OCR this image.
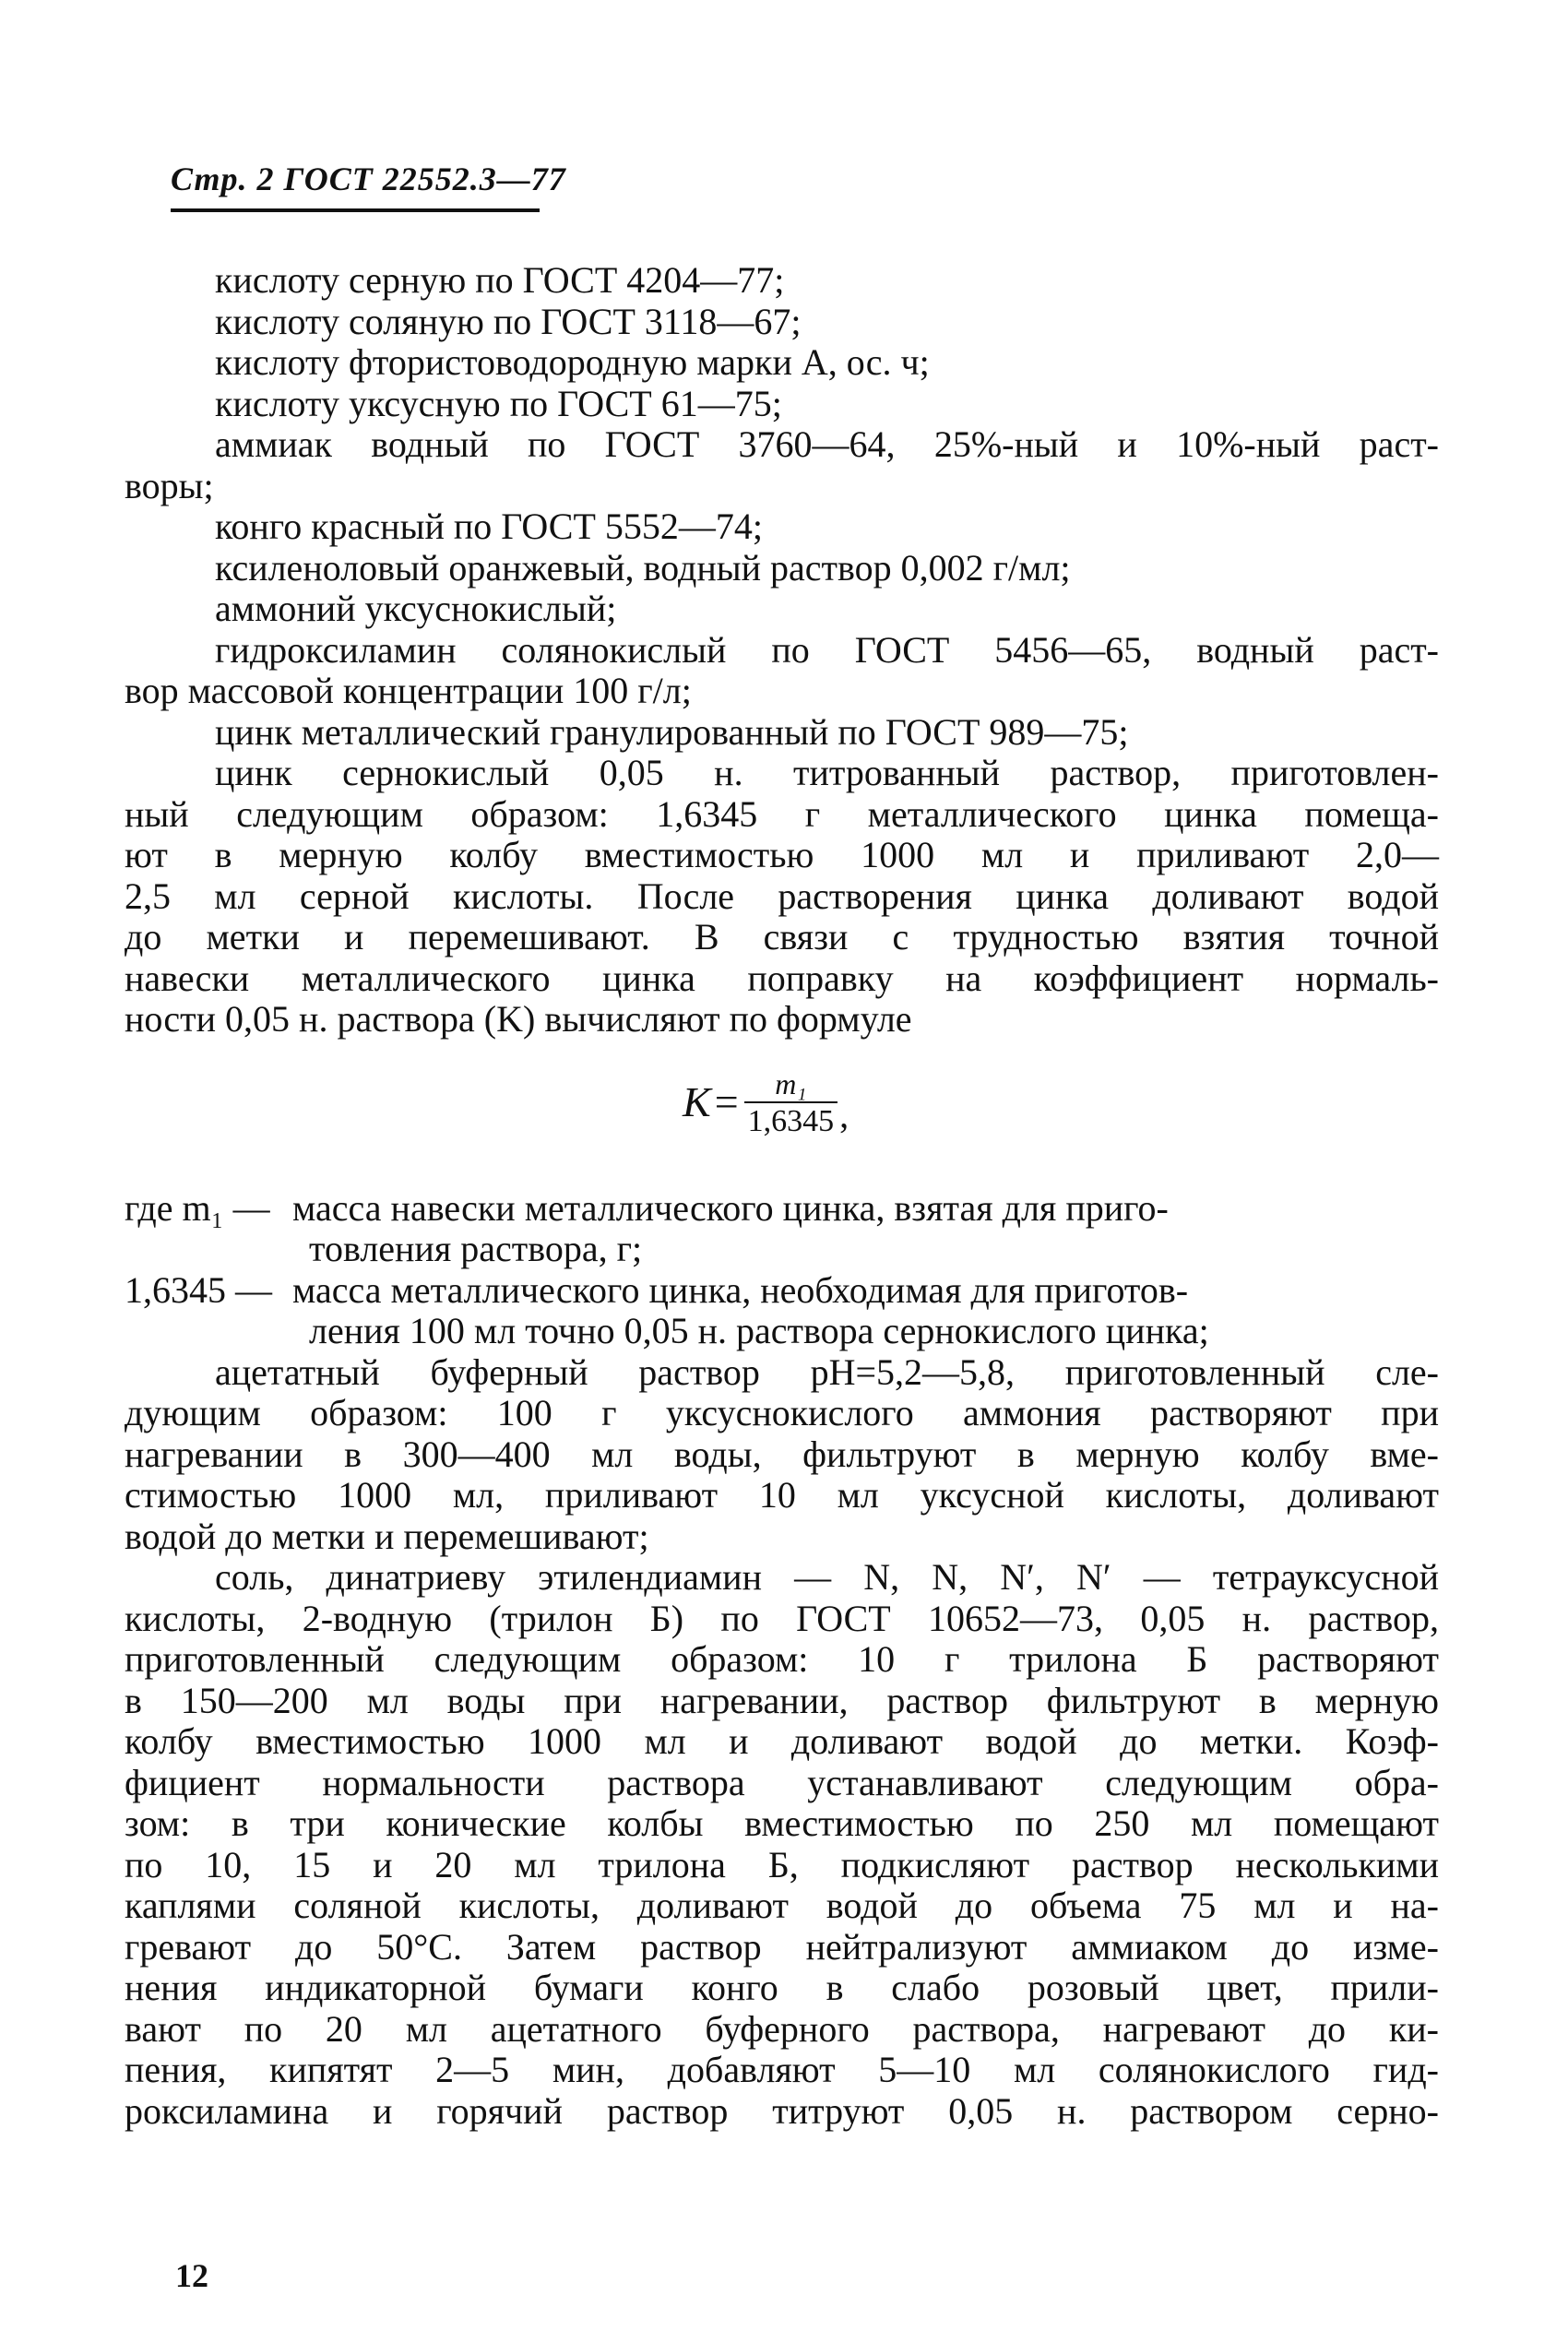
Стр. 2 ГОСТ 22552.3—77
кислоту серную по ГОСТ 4204—77;
кислоту соляную по ГОСТ 3118—67;
кислоту фтористоводородную марки А, ос. ч;
кислоту уксусную по ГОСТ 61—75;
аммиак водный по ГОСТ 3760—64, 25%-ный и 10%-ный раст-
воры;
конго красный по ГОСТ 5552—74;
ксиленоловый оранжевый, водный раствор 0,002 г/мл;
аммоний уксуснокислый;
гидроксиламин солянокислый по ГОСТ 5456—65, водный раст-
вор массовой концентрации 100 г/л;
цинк металлический гранулированный по ГОСТ 989—75;
цинк сернокислый 0,05 н. титрованный раствор, приготовлен-
ный следующим образом: 1,6345 г металлического цинка помеща-
ют в мерную колбу вместимостью 1000 мл и приливают 2,0—
2,5 мл серной кислоты. После растворения цинка доливают водой
до метки и перемешивают. В связи с трудностью взятия точной
навески металлического цинка поправку на коэффициент нормаль-
ности 0,05 н. раствора (K) вычисляют по формуле
$K = \frac{\text{m₁}}{1,6345}$ ,
где m₁ — масса навески металлического цинка, взятая для приго-
товления раствора, г;
1,6345 — масса металлического цинка, необходимая для приготов-
ления 100 мл точно 0,05 н. раствора сернокислого цинка;
ацетатный буферный раствор pH=5,2—5,8, приготовленный сле-
дующим образом: 100 г уксуснокислого аммония растворяют при
нагревании в 300—400 мл воды, фильтруют в мерную колбу вме-
стимостью 1000 мл, приливают 10 мл уксусной кислоты, доливают
водой до метки и перемешивают;
соль, динатриеву этилендиамин — N, N, N′, N′ — тетрауксусной
кислоты, 2-водную (трилон Б) по ГОСТ 10652—73, 0,05 н. раствор,
приготовленный следующим образом: 10 г трилона Б растворяют
в 150—200 мл воды при нагревании, раствор фильтруют в мерную
колбу вместимостью 1000 мл и доливают водой до метки. Коэф-
фициент нормальности раствора устанавливают следующим обра-
зом: в три конические колбы вместимостью по 250 мл помещают
по 10, 15 и 20 мл трилона Б, подкисляют раствор несколькими
каплями соляной кислоты, доливают водой до объема 75 мл и на-
гревают до 50°С. Затем раствор нейтрализуют аммиаком до изме-
нения индикаторной бумаги конго в слабо розовый цвет, прили-
вают по 20 мл ацетатного буферного раствора, нагревают до ки-
пения, кипятят 2—5 мин, добавляют 5—10 мл солянокислого гид-
роксиламина и горячий раствор титруют 0,05 н. раствором серно-
12
